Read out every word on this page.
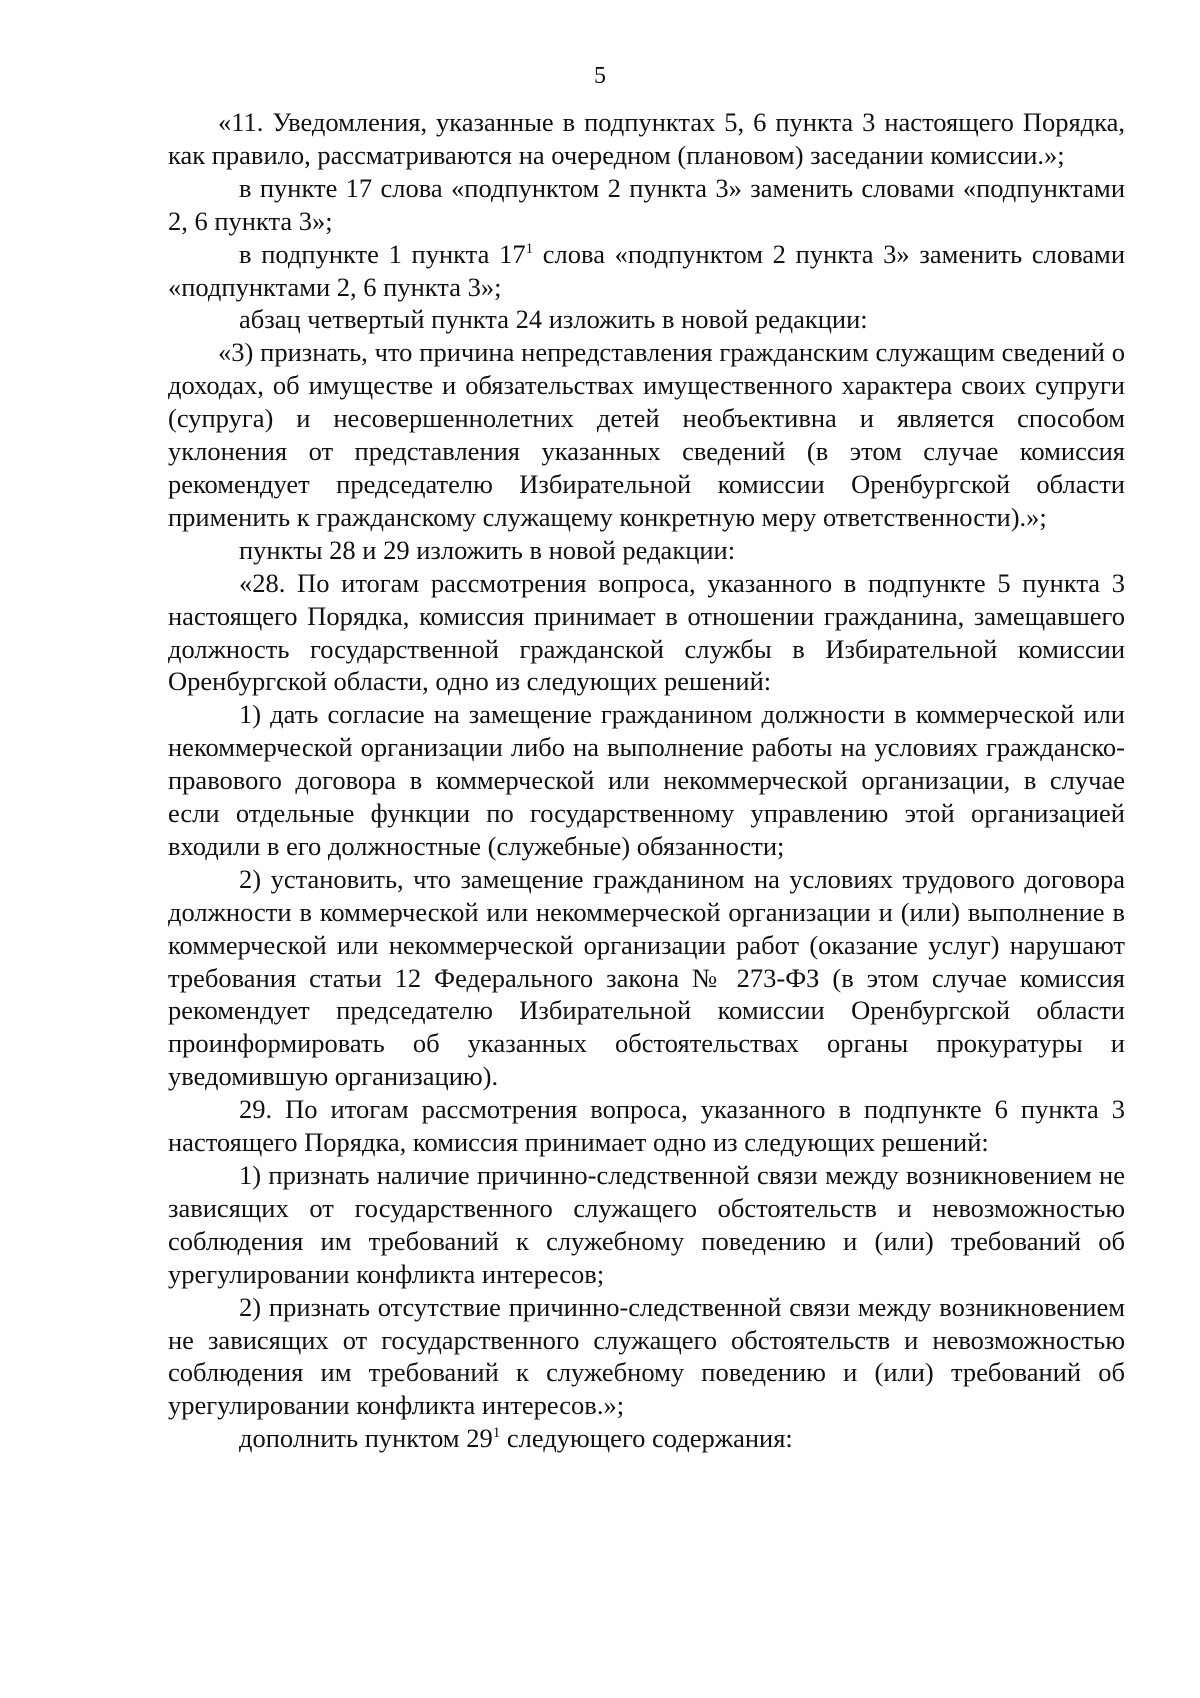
5

«11. Уведомления, указанные в подпунктах 5, 6 пункта 3 настоящего Порядка, как правило, рассматриваются на очередном (плановом) заседании комиссии.»;

в пункте 17 слова «подпунктом 2 пункта 3» заменить словами «подпунктами 2, 6 пункта 3»;

в подпункте 1 пункта $17^1$ слова «подпунктом 2 пункта 3» заменить словами «подпунктами 2, 6 пункта 3»;

абзац четвертый пункта 24 изложить в новой редакции:

«3) признать, что причина непредставления гражданским служащим сведений о доходах, об имуществе и обязательствах имущественного характера своих супруги (супруга) и несовершеннолетних детей необъективна и является способом уклонения от представления указанных сведений (в этом случае комиссия рекомендует председателю Избирательной комиссии Оренбургской области применить к гражданскому служащему конкретную меру ответственности).»;

пункты 28 и 29 изложить в новой редакции:

«28. По итогам рассмотрения вопроса, указанного в подпункте 5 пункта 3 настоящего Порядка, комиссия принимает в отношении гражданина, замещавшего должность государственной гражданской службы в Избирательной комиссии Оренбургской области, одно из следующих решений:

1) дать согласие на замещение гражданином должности в коммерческой или некоммерческой организации либо на выполнение работы на условиях гражданско-правового договора в коммерческой или некоммерческой организации, в случае если отдельные функции по государственному управлению этой организацией входили в его должностные (служебные) обязанности;

2) установить, что замещение гражданином на условиях трудового договора должности в коммерческой или некоммерческой организации и (или) выполнение в коммерческой или некоммерческой организации работ (оказание услуг) нарушают требования статьи 12 Федерального закона № 273-ФЗ (в этом случае комиссия рекомендует председателю Избирательной комиссии Оренбургской области проинформировать об указанных обстоятельствах органы прокуратуры и уведомившую организацию).

29. По итогам рассмотрения вопроса, указанного в подпункте 6 пункта 3 настоящего Порядка, комиссия принимает одно из следующих решений:

1) признать наличие причинно-следственной связи между возникновением не зависящих от государственного служащего обстоятельств и невозможностью соблюдения им требований к служебному поведению и (или) требований об урегулировании конфликта интересов;

2) признать отсутствие причинно-следственной связи между возникновением не зависящих от государственного служащего обстоятельств и невозможностью соблюдения им требований к служебному поведению и (или) требований об урегулировании конфликта интересов.»;

дополнить пунктом $29^1$ следующего содержания:
